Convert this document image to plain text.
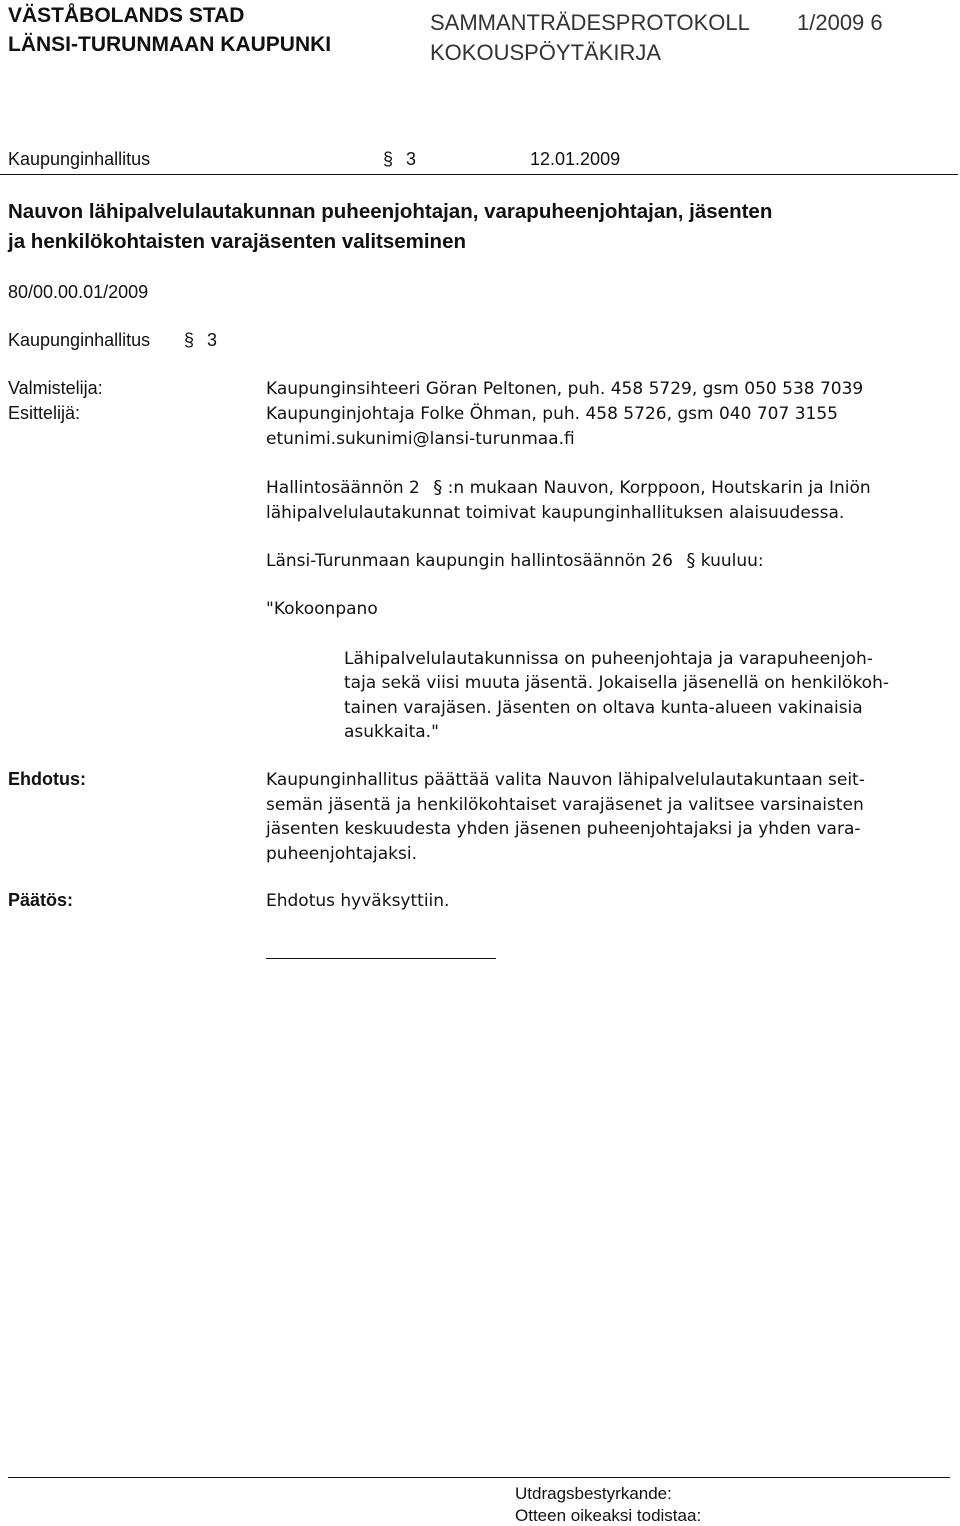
VÄSTÅBOLANDS STAD
LÄNSI-TURUNMAAN KAUPUNKI
SAMMANTRÄDESPROTOKOLL 1/2009 6
KOKOUSPÖYTÄKIRJA
Kaupunginhallitus	§ 3	12.01.2009
Nauvon lähipalvelulautakunnan puheenjohtajan, varapuheenjohtajan, jäsenten
ja henkilökohtaisten varajäsenten valitseminen
80/00.00.01/2009
Kaupunginhallitus § 3
Valmistelija:	Kaupunginsihteeri Göran Peltonen, puh. 458 5729, gsm 050 538 7039
Esittelijä:	Kaupunginjohtaja Folke Öhman, puh. 458 5726, gsm 040 707 3155
etunimi.sukunimi@lansi-turunmaa.fi
Hallintosäännön 2 § :n mukaan Nauvon, Korppoon, Houtskarin ja Iniön
lähipalvelulautakunnat toimivat kaupunginhallituksen alaisuudessa.
Länsi-Turunmaan kaupungin hallintosäännön 26 § kuuluu:
"Kokoonpano
Lähipalvelulautakunnissa on puheenjohtaja ja varapuheenjoh-
taja sekä viisi muuta jäsentä. Jokaisella jäsenellä on henkilökoh-
tainen varajäsen. Jäsenten on oltava kunta-alueen vakinaisia
asukkaita."
Ehdotus:	Kaupunginhallitus päättää valita Nauvon lähipalvelulautakuntaan seit-
semän jäsentä ja henkilökohtaiset varajäsenet ja valitsee varsinaisten
jäsenten keskuudesta yhden jäsenen puheenjohtajaksi ja yhden vara-
puheenjohtajaksi.
Päätös:	Ehdotus hyväksyttiin.
Utdragsbestyrkande:
Otteen oikeaksi todistaa:
